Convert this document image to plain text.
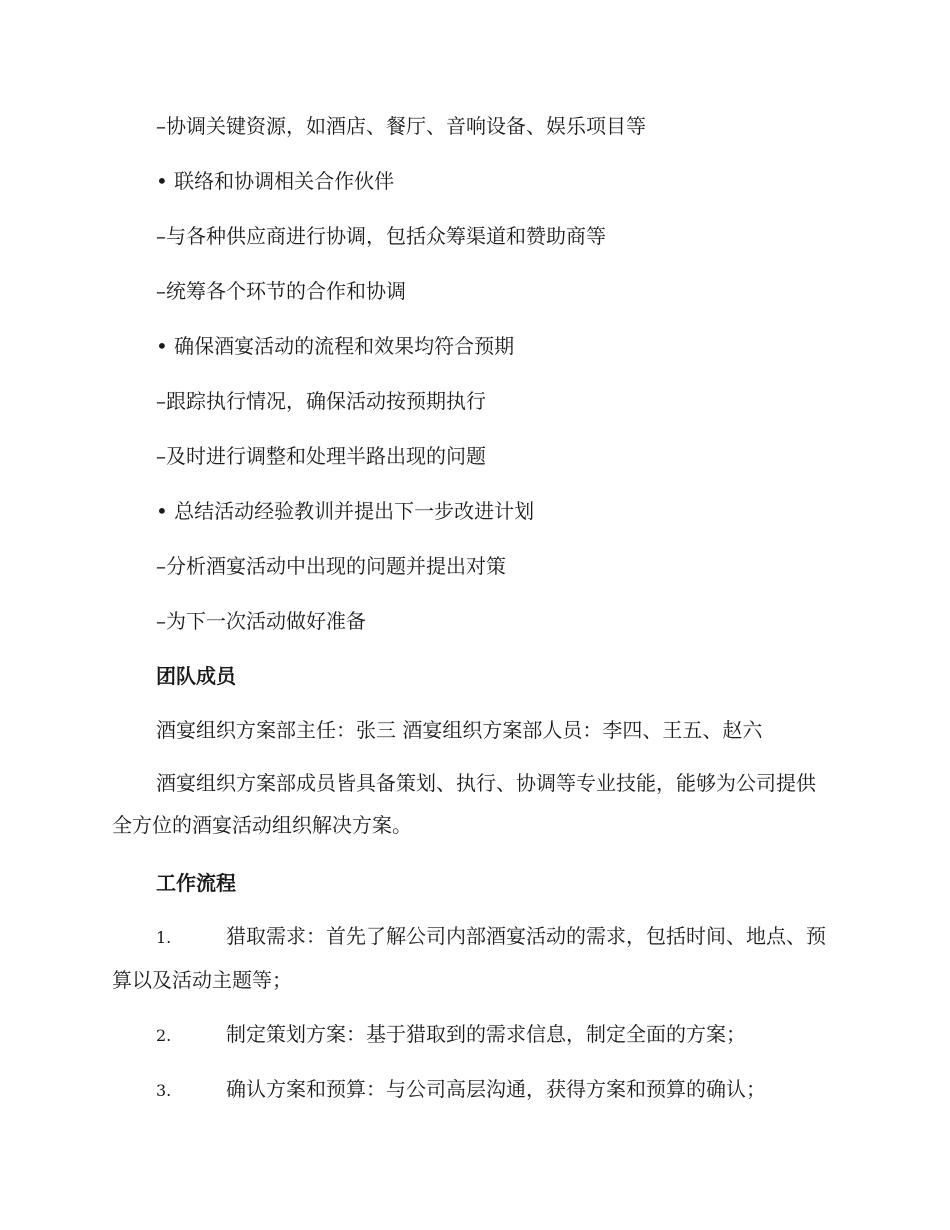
–协调关键资源，如酒店、餐厅、音响设备、娱乐项目等
• 联络和协调相关合作伙伴
–与各种供应商进行协调，包括众筹渠道和赞助商等
–统筹各个环节的合作和协调
• 确保酒宴活动的流程和效果均符合预期
–跟踪执行情况，确保活动按预期执行
–及时进行调整和处理半路出现的问题
• 总结活动经验教训并提出下一步改进计划
–分析酒宴活动中出现的问题并提出对策
–为下一次活动做好准备
团队成员
酒宴组织方案部主任：张三 酒宴组织方案部人员：李四、王五、赵六
酒宴组织方案部成员皆具备策划、执行、协调等专业技能，能够为公司提供全方位的酒宴活动组织解决方案。
工作流程
1.	猎取需求：首先了解公司内部酒宴活动的需求，包括时间、地点、预算以及活动主题等；
2.	制定策划方案：基于猎取到的需求信息，制定全面的方案；
3.	确认方案和预算：与公司高层沟通，获得方案和预算的确认；
